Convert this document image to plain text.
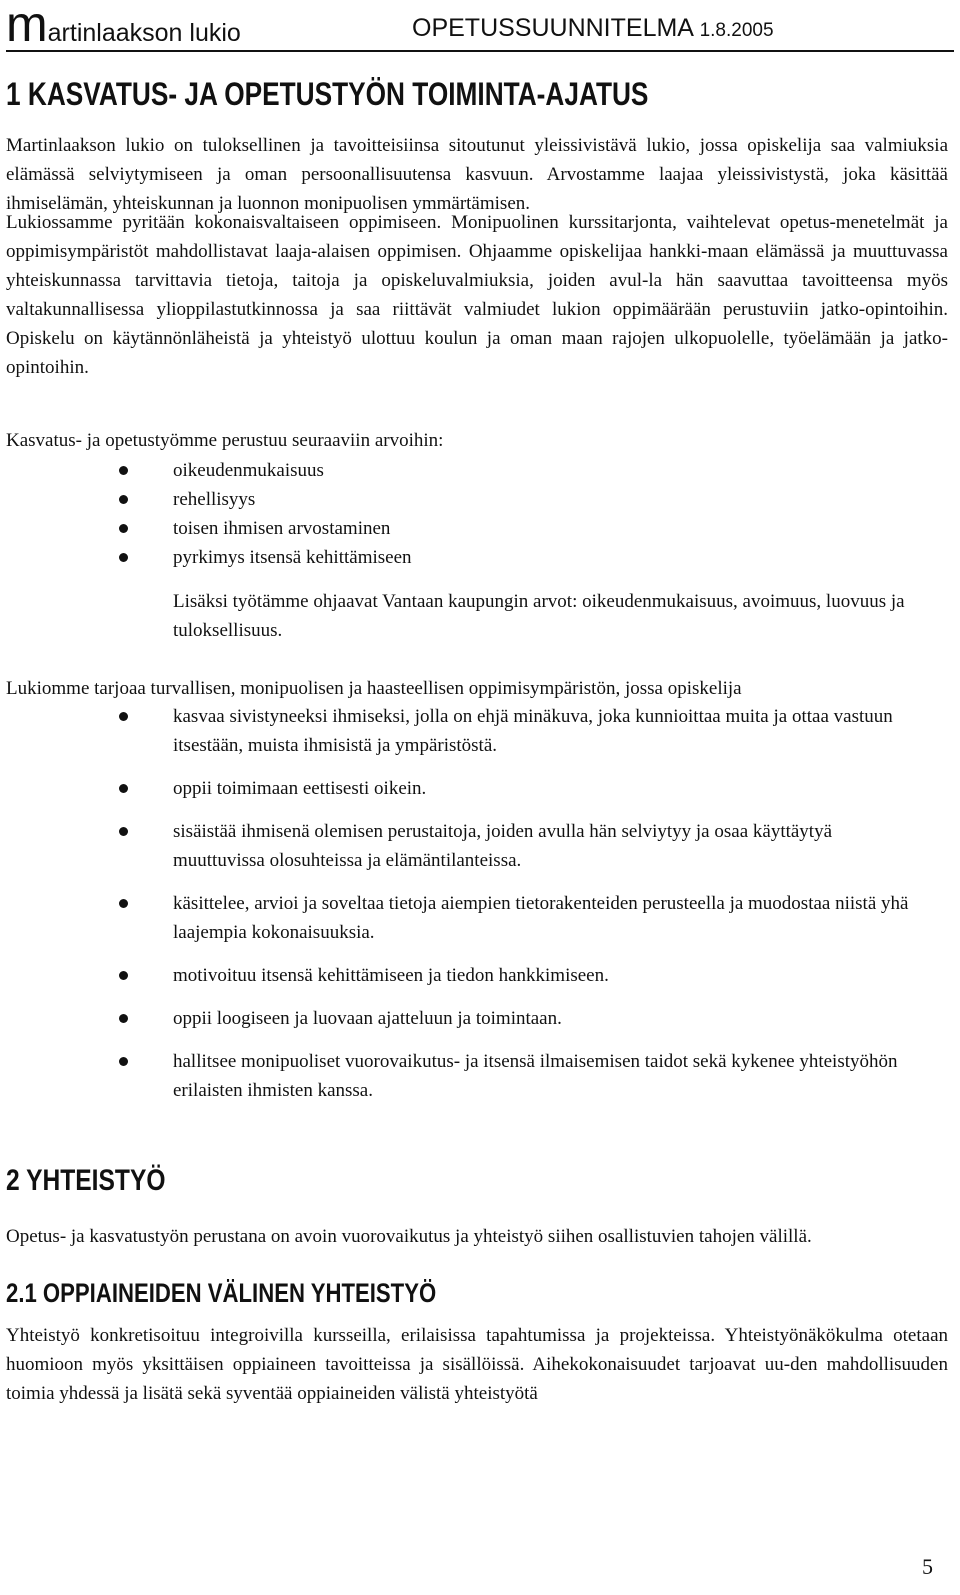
martinlaakson lukio	OPETUSSUUNNITELMA 1.8.2005
1 KASVATUS- JA OPETUSTYÖN TOIMINTA-AJATUS

Martinlaakson lukio on tuloksellinen ja tavoitteisiinsa sitoutunut yleissivistävä lukio, jossa opiskelija saa valmiuksia elämässä selviytymiseen ja oman persoonallisuutensa kasvuun. Arvostamme laajaa yleissivistystä, joka käsittää ihmiselämän, yhteiskunnan ja luonnon monipuolisen ymmärtämisen.

Lukiossamme pyritään kokonaisvaltaiseen oppimiseen. Monipuolinen kurssitarjonta, vaihtelevat opetus-menetelmät ja oppimisympäristöt mahdollistavat laaja-alaisen oppimisen. Ohjaamme opiskelijaa hankki-maan elämässä ja muuttuvassa yhteiskunnassa tarvittavia tietoja, taitoja ja opiskeluvalmiuksia, joiden avul-la hän saavuttaa tavoitteensa myös valtakunnallisessa ylioppilastutkinnossa ja saa riittävät valmiudet lukion oppimäärään perustuviin jatko-opintoihin. Opiskelu on käytännönläheistä ja yhteistyö ulottuu koulun ja oman maan rajojen ulkopuolelle, työelämään ja jatko-opintoihin.

Kasvatus- ja opetustyömme perustuu seuraaviin arvoihin:

oikeudenmukaisuus
rehellisyys
toisen ihmisen arvostaminen
pyrkimys itsensä kehittämiseen

Lisäksi työtämme ohjaavat Vantaan kaupungin arvot: oikeudenmukaisuus, avoimuus, luovuus ja tuloksellisuus.

Lukiomme tarjoaa turvallisen, monipuolisen ja haasteellisen oppimisympäristön, jossa opiskelija

kasvaa sivistyneeksi ihmiseksi, jolla on ehjä minäkuva, joka kunnioittaa muita ja ottaa vastuun itsestään, muista ihmisistä ja ympäristöstä.
oppii toimimaan eettisesti oikein.
sisäistää ihmisenä olemisen perustaitoja, joiden avulla hän selviytyy ja osaa käyttäytyä muuttuvissa olosuhteissa ja elämäntilanteissa.
käsittelee, arvioi ja soveltaa tietoja aiempien tietorakenteiden perusteella ja muodostaa niistä yhä laajempia kokonaisuuksia.
motivoituu itsensä kehittämiseen ja tiedon hankkimiseen.
oppii loogiseen ja luovaan ajatteluun ja toimintaan.
hallitsee monipuoliset vuorovaikutus- ja itsensä ilmaisemisen taidot sekä kykenee yhteistyöhön erilaisten ihmisten kanssa.
2 YHTEISTYÖ

Opetus- ja kasvatustyön perustana on avoin vuorovaikutus ja yhteistyö siihen osallistuvien tahojen välillä.

2.1 OPPIAINEIDEN VÄLINEN YHTEISTYÖ

Yhteistyö konkretisoituu integroivilla kursseilla, erilaisissa tapahtumissa ja projekteissa. Yhteistyönäkökulma otetaan huomioon myös yksittäisen oppiaineen tavoitteissa ja sisällöissä. Aihekokonaisuudet tarjoavat uu-den mahdollisuuden toimia yhdessä ja lisätä sekä syventää oppiaineiden välistä yhteistyötä

5
